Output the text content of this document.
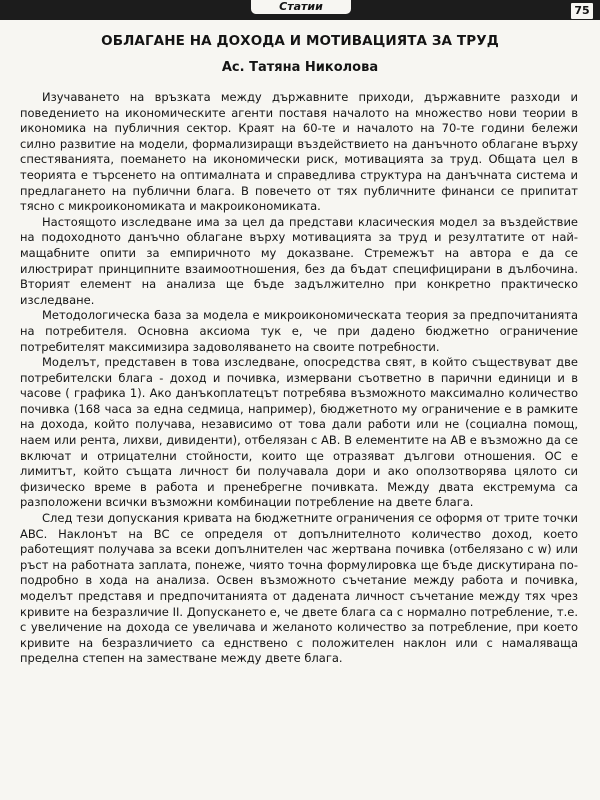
Статии	75
ОБЛАГАНЕ НА ДОХОДА И МОТИВАЦИЯТА ЗА ТРУД
Ас. Татяна Николова

Изучаването на връзката между държавните приходи, държавните разходи и поведението на икономическите агенти поставя началото на множество нови теории в икономика на публичния сектор. Краят на 60-те и началото на 70-те години бележи силно развитие на модели, формализиращи въздействието на данъчното облагане върху спестяванията, поемането на икономически риск, мотивацията за труд. Общата цел в теорията е търсенето на оптималната и справедлива структура на данъчната система и предлагането на публични блага. В повечето от тях публичните финанси се припитат тясно с микроикономиката и макроикономиката.

Настоящото изследване има за цел да представи класическия модел за въздействие на подоходното данъчно облагане върху мотивацията за труд и резултатите от най-мащабните опити за емпиричното му доказване. Стремежът на автора е да се илюстрират принципните взаимоотношения, без да бъдат специфицирани в дълбочина. Вторият елемент на анализа ще бъде задължително при конкретно практическо изследване.

Методологическа база за модела е микроикономическата теория за предпочитанията на потребителя. Основна аксиома тук е, че при дадено бюджетно ограничение потребителят максимизира задоволяването на своите потребности.

Моделът, представен в това изследване, опосредства свят, в който съществуват две потребителски блага - доход и почивка, измервани съответно в парични единици и в часове ( графика 1). Ако данъкоплатецът потребява възможното максимално количество почивка (168 часа за една седмица, например), бюджетното му ограничение е в рамките на дохода, който получава, независимо от това дали работи или не (социална помощ, наем или рента, лихви, дивиденти), отбелязан с AB. В елементите на AB е възможно да се включат и отрицателни стойности, които ще отразяват дългови отношения. OC е лимитът, който същата личност би получавала дори и ако оползотворява цялото си физическо време в работа и пренебрегне почивката. Между двата екстремума са разположени всички възможни комбинации потребление на двете блага.

След тези допускания кривата на бюджетните ограничения се оформя от трите точки ABC. Наклонът на BC се определя от допълнителното количество доход, което работещият получава за всеки допълнителен час жертвана почивка (отбелязано с w) или ръст на работната заплата, понеже, чиято точна формулировка ще бъде дискутирана по-подробно в хода на анализа. Освен възможното съчетание между работа и почивка, моделът представя и предпочитанията от дадената личност съчетание между тях чрез кривите на безразличие II. Допускането е, че двете блага са с нормално потребление, т.е. с увеличение на дохода се увеличава и желаното количество за потребление, при което кривите на безразличието са еднствено с положителен наклон или с намаляваща пределна степен на заместване между двете блага.
